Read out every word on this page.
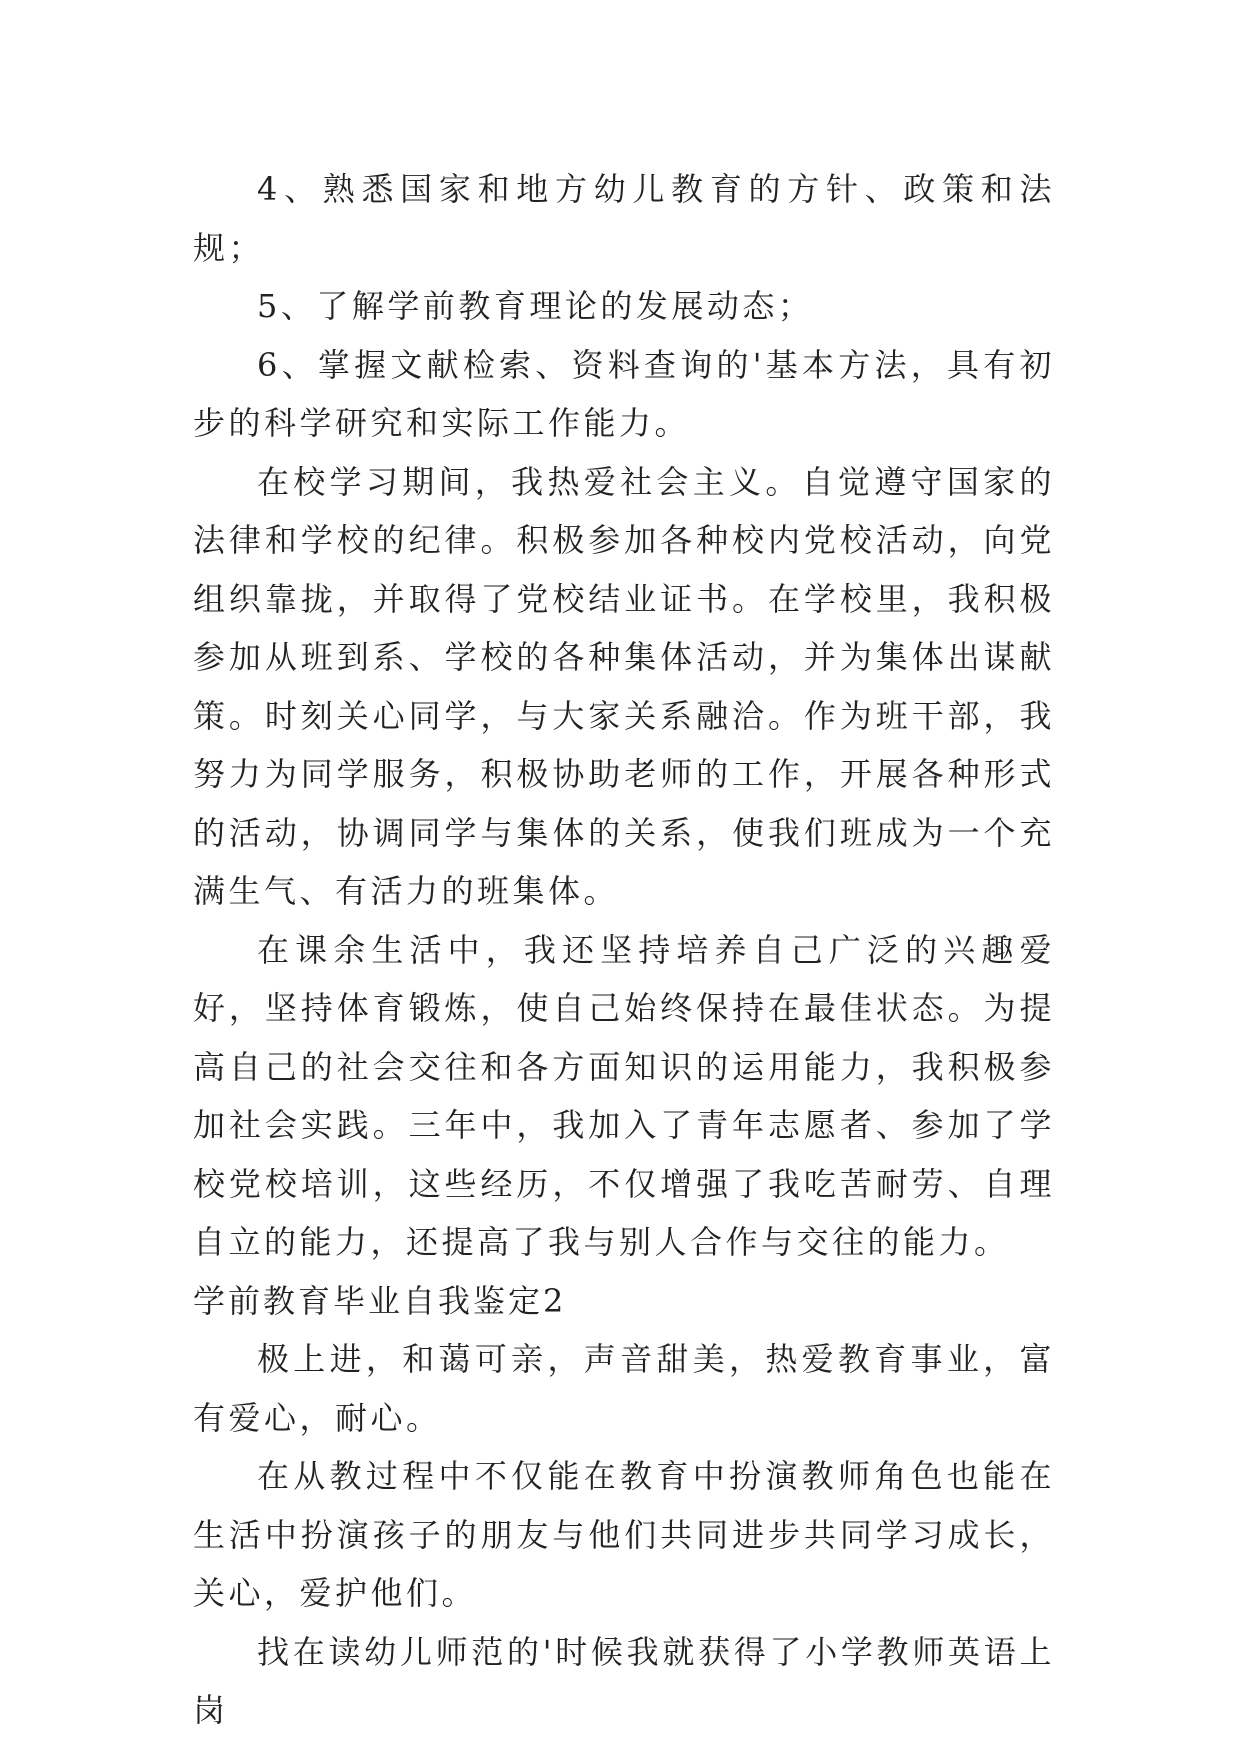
4、熟悉国家和地方幼儿教育的方针、政策和法规；

5、了解学前教育理论的发展动态；

6、掌握文献检索、资料查询的'基本方法，具有初步的科学研究和实际工作能力。

在校学习期间，我热爱社会主义。自觉遵守国家的法律和学校的纪律。积极参加各种校内党校活动，向党组织靠拢，并取得了党校结业证书。在学校里，我积极参加从班到系、学校的各种集体活动，并为集体出谋献策。时刻关心同学，与大家关系融洽。作为班干部，我努力为同学服务，积极协助老师的工作，开展各种形式的活动，协调同学与集体的关系，使我们班成为一个充满生气、有活力的班集体。

在课余生活中，我还坚持培养自己广泛的兴趣爱好，坚持体育锻炼，使自己始终保持在最佳状态。为提高自己的社会交往和各方面知识的运用能力，我积极参加社会实践。三年中，我加入了青年志愿者、参加了学校党校培训，这些经历，不仅增强了我吃苦耐劳、自理自立的能力，还提高了我与别人合作与交往的能力。

学前教育毕业自我鉴定2

极上进，和蔼可亲，声音甜美，热爱教育事业，富有爱心，耐心。

在从教过程中不仅能在教育中扮演教师角色也能在生活中扮演孩子的朋友与他们共同进步共同学习成长，关心，爱护他们。

找在读幼儿师范的'时候我就获得了小学教师英语上岗
